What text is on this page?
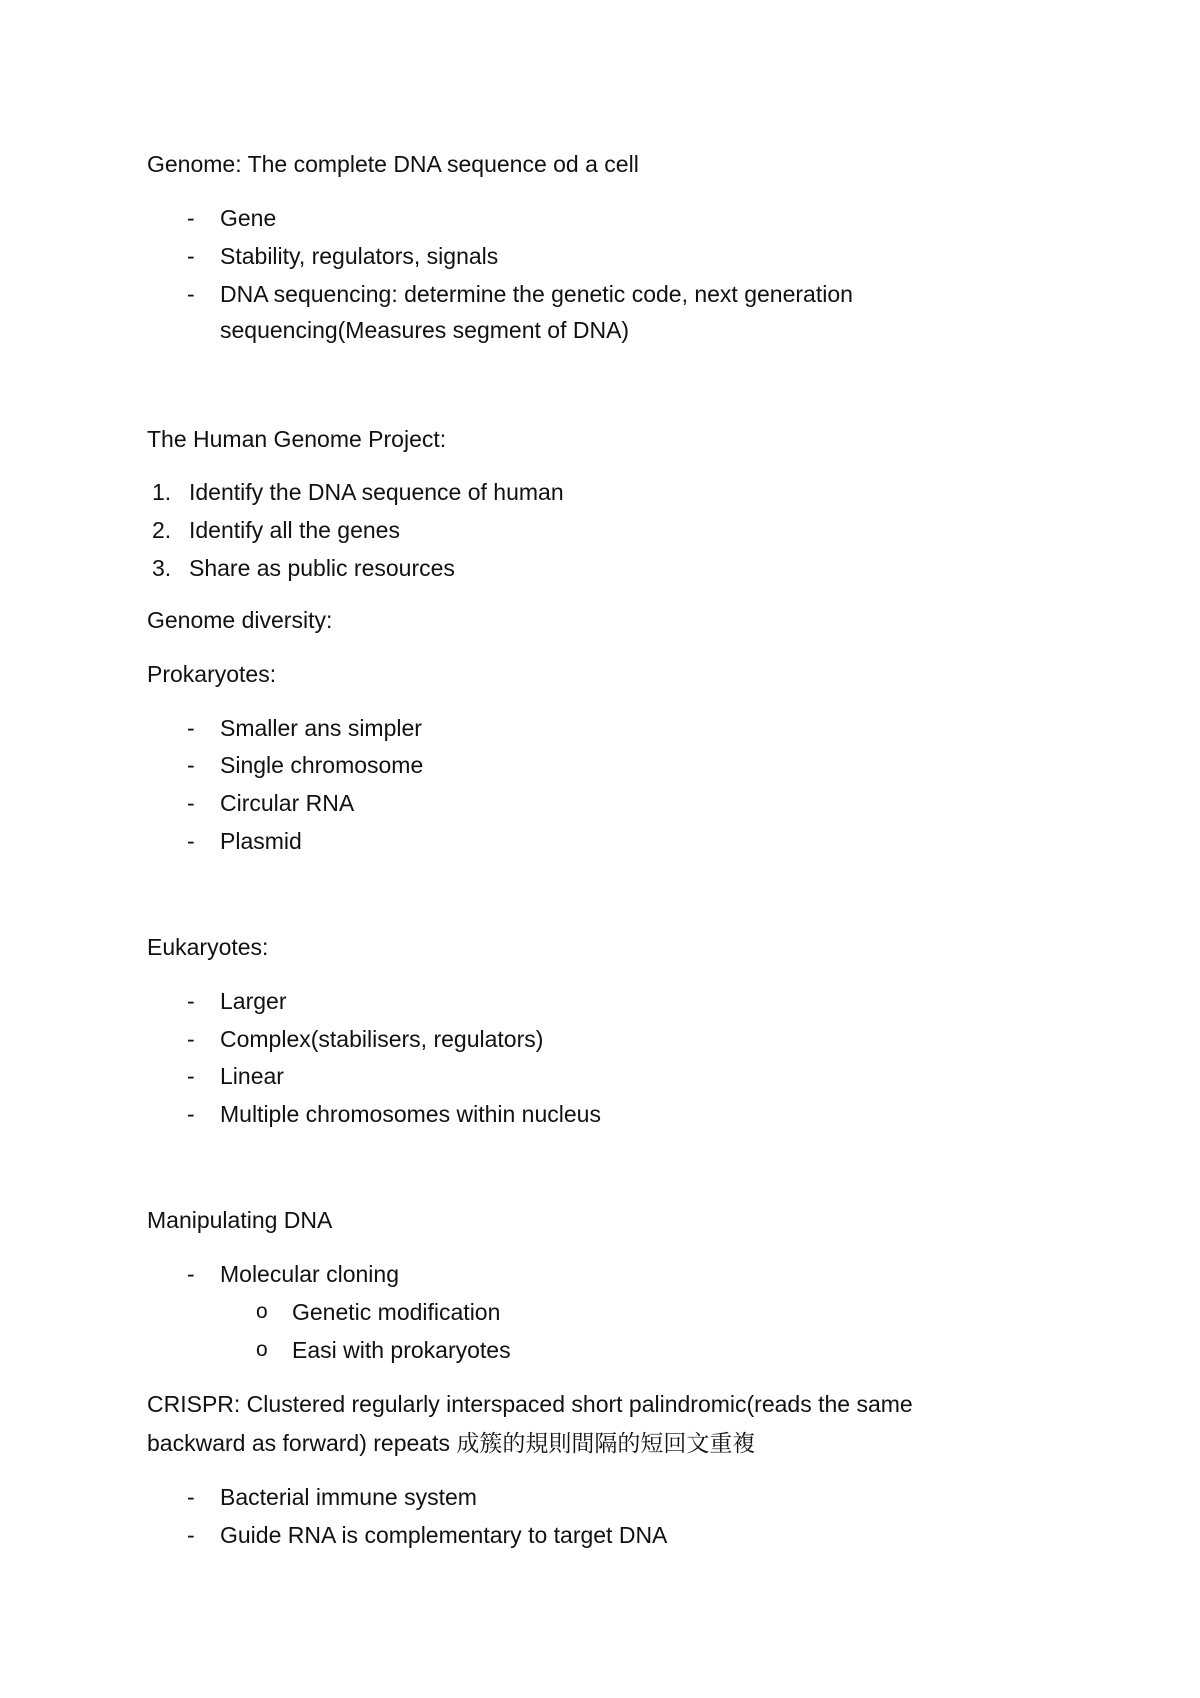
Genome: The complete DNA sequence od a cell
- Gene
- Stability, regulators, signals
- DNA sequencing: determine the genetic code, next generation
sequencing(Measures segment of DNA)
The Human Genome Project:
1. Identify the DNA sequence of human
2. Identify all the genes
3. Share as public resources
Genome diversity:
Prokaryotes:
- Smaller ans simpler
- Single chromosome
- Circular RNA
- Plasmid
Eukaryotes:
- Larger
- Complex(stabilisers, regulators)
- Linear
- Multiple chromosomes within nucleus
Manipulating DNA
- Molecular cloning
o Genetic modification
o Easi with prokaryotes
CRISPR: Clustered regularly interspaced short palindromic(reads the same
backward as forward) repeats 成簇的規則間隔的短回文重複
- Bacterial immune system
- Guide RNA is complementary to target DNA
